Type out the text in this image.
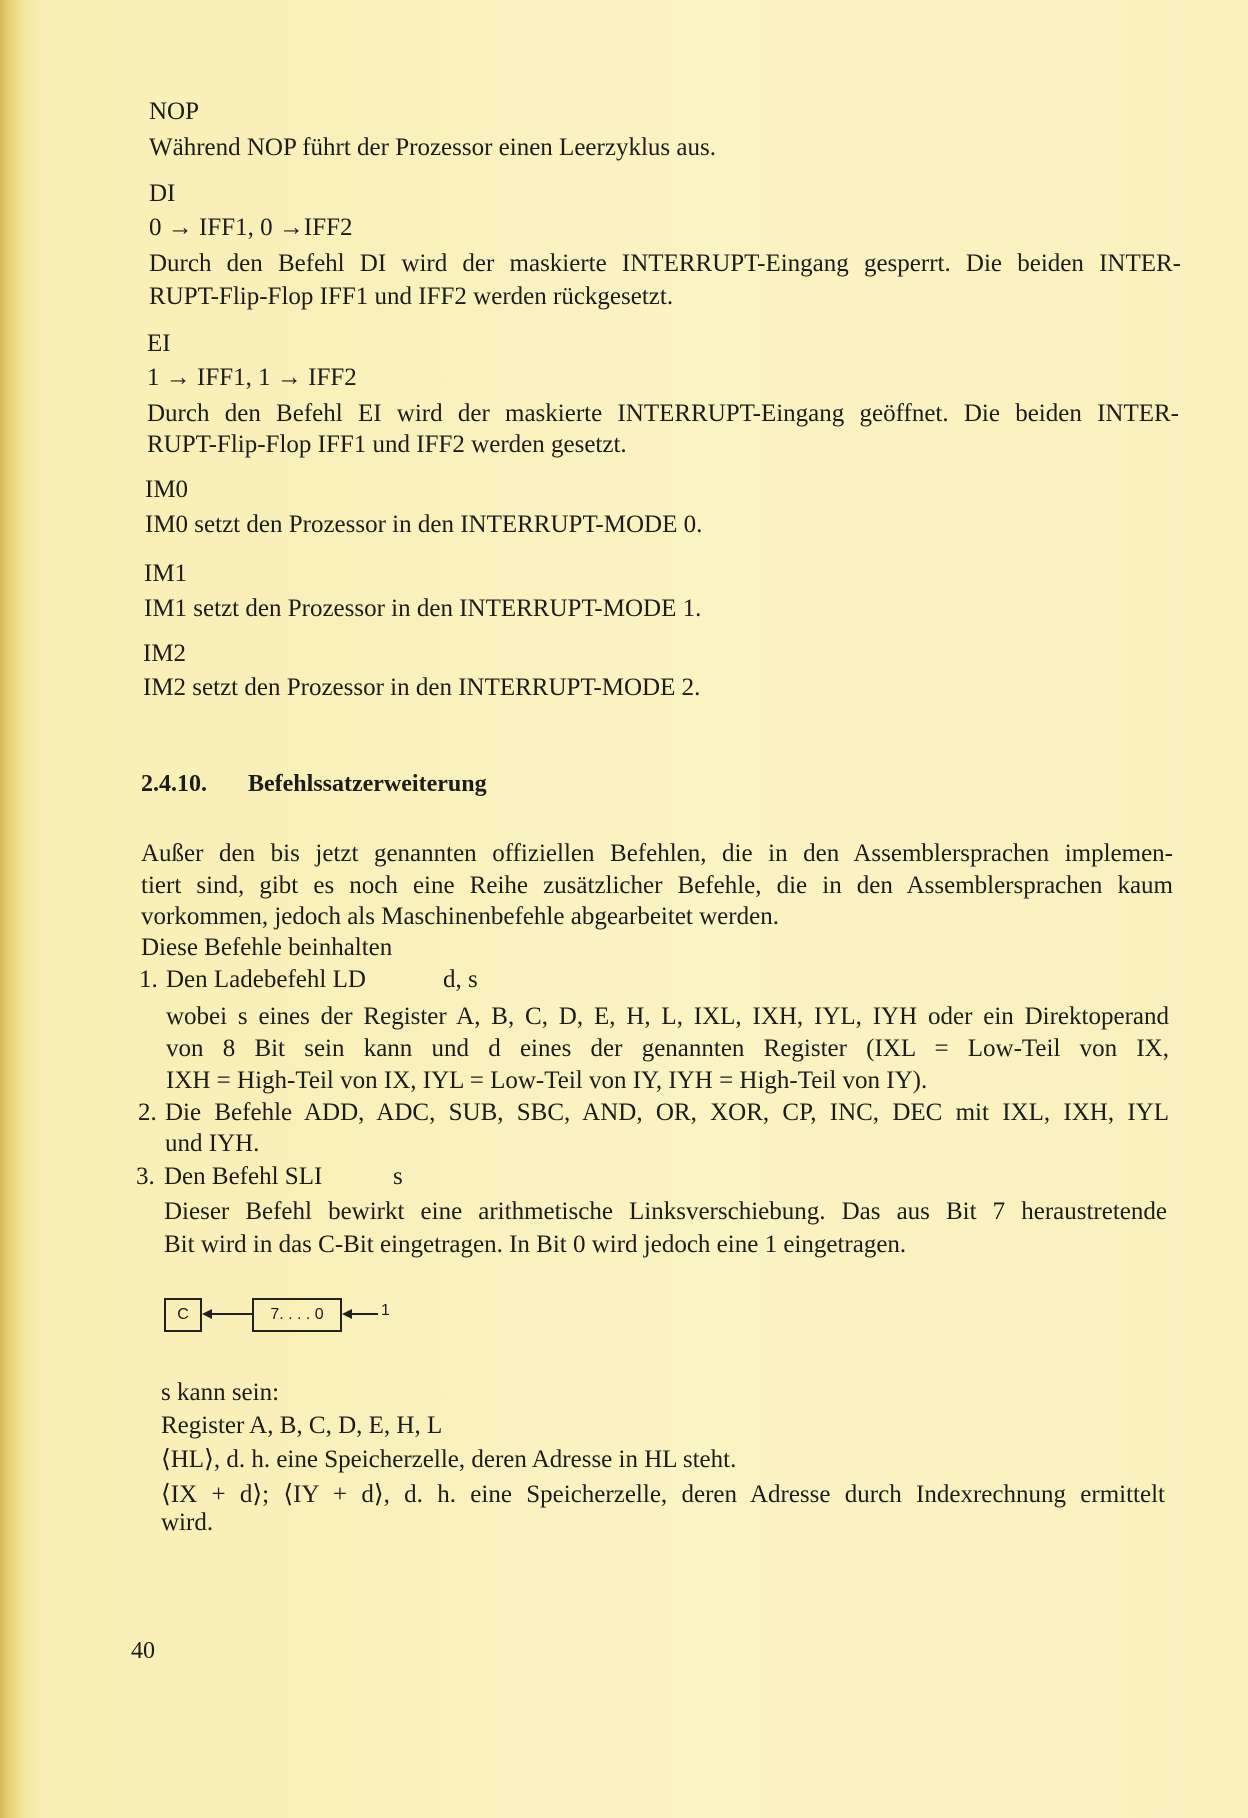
NOP
Während NOP führt der Prozessor einen Leerzyklus aus.
DI
0 → IFF1, 0 →IFF2
Durch den Befehl DI wird der maskierte INTERRUPT-Eingang gesperrt. Die beiden INTER-
RUPT-Flip-Flop IFF1 und IFF2 werden rückgesetzt.
EI
1 → IFF1, 1 → IFF2
Durch den Befehl EI wird der maskierte INTERRUPT-Eingang geöffnet. Die beiden INTER-
RUPT-Flip-Flop IFF1 und IFF2 werden gesetzt.
IM0
IM0 setzt den Prozessor in den INTERRUPT-MODE 0.
IM1
IM1 setzt den Prozessor in den INTERRUPT-MODE 1.
IM2
IM2 setzt den Prozessor in den INTERRUPT-MODE 2.
2.4.10. Befehlssatzerweiterung
Außer den bis jetzt genannten offiziellen Befehlen, die in den Assemblersprachen implemen-
tiert sind, gibt es noch eine Reihe zusätzlicher Befehle, die in den Assemblersprachen kaum
vorkommen, jedoch als Maschinenbefehle abgearbeitet werden.
Diese Befehle beinhalten
1. Den Ladebefehl LD	d, s
wobei s eines der Register A, B, C, D, E, H, L, IXL, IXH, IYL, IYH oder ein Direktoperand
von 8 Bit sein kann und d eines der genannten Register (IXL = Low-Teil von IX,
IXH = High-Teil von IX, IYL = Low-Teil von IY, IYH = High-Teil von IY).
2. Die Befehle ADD, ADC, SUB, SBC, AND, OR, XOR, CP, INC, DEC mit IXL, IXH, IYL
und IYH.
3. Den Befehl SLI	s
Dieser Befehl bewirkt eine arithmetische Linksverschiebung. Das aus Bit 7 heraustretende
Bit wird in das C-Bit eingetragen. In Bit 0 wird jedoch eine 1 eingetragen.
C	7. . . . 0	1
s kann sein:
Register A, B, C, D, E, H, L
⟨HL⟩, d. h. eine Speicherzelle, deren Adresse in HL steht.
⟨IX + d⟩; ⟨IY + d⟩, d. h. eine Speicherzelle, deren Adresse durch Indexrechnung ermittelt
wird.
40
